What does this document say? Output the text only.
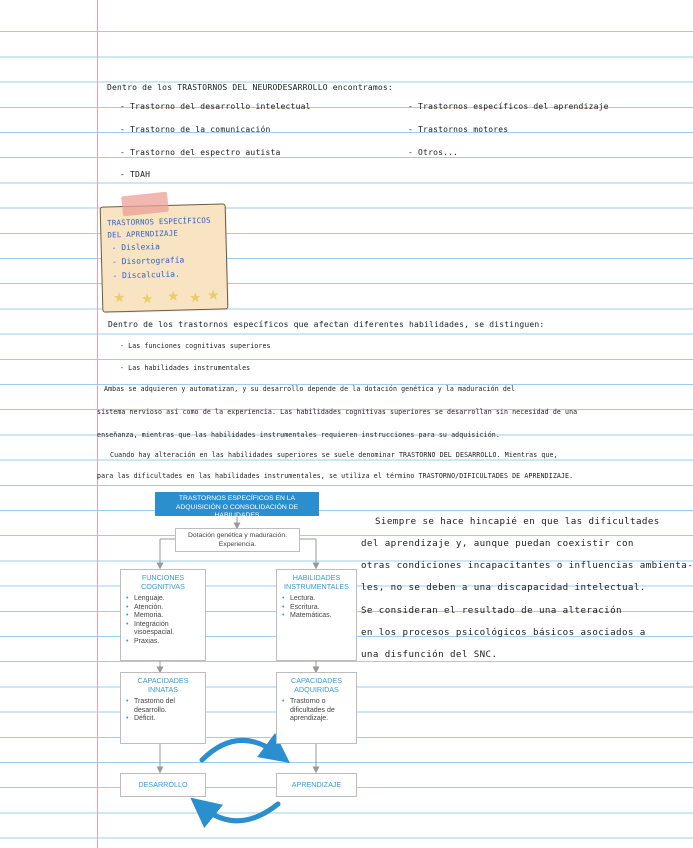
Dentro de los TRASTORNOS DEL NEURODESARROLLO encontramos:
- Trastorno del desarrollo intelectual
- Trastorno de la comunicación
- Trastorno del espectro autista
- TDAH
- Trastornos específicos del aprendizaje
- Trastornos motores
- Otros...
TRASTORNOS ESPECÍFICOS
DEL APRENDIZAJE
- Dislexia
- Disortografía
- Discalculia.
★ ★ ★ ★ ★
Dentro de los trastornos específicos que afectan diferentes habilidades, se distinguen:
- Las funciones cognitivas superiores
- Las habilidades instrumentales
Ambas se adquieren y automatizan, y su desarrollo depende de la dotación genética y la maduración del
sistema nervioso así como de la experiencia. Las habilidades cognitivas superiores se desarrollan sin necesidad de una
enseñanza, mientras que las habilidades instrumentales requieren instrucciones para su adquisición.
Cuando hay alteración en las habilidades superiores se suele denominar TRASTORNO DEL DESARROLLO. Mientras que,
para las dificultades en las habilidades instrumentales, se utiliza el término TRASTORNO/DIFICULTADES DE APRENDIZAJE.
Siempre se hace hincapié en que las dificultades
del aprendizaje y, aunque puedan coexistir con
otras condiciones incapacitantes o influencias ambienta-
les, no se deben a una discapacidad intelectual.
Se consideran el resultado de una alteración
en los procesos psicológicos básicos asociados a
una disfunción del SNC.
TRASTORNOS ESPECÍFICOS EN LA ADQUISICIÓN O CONSOLIDACIÓN DE HABILIDADES
Dotación genética y maduración. Experiencia.
FUNCIONES COGNITIVAS
• Lenguaje.
• Atención.
• Memoria.
• Integración visoespacial.
• Praxias.
HABILIDADES INSTRUMENTALES
• Lectura.
• Escritura.
• Matemáticas.
CAPACIDADES INNATAS
• Trastorno del desarrollo.
• Déficit.
CAPACIDADES ADQUIRIDAS
• Trastorno o dificultades de aprendizaje.
DESARROLLO	APRENDIZAJE
